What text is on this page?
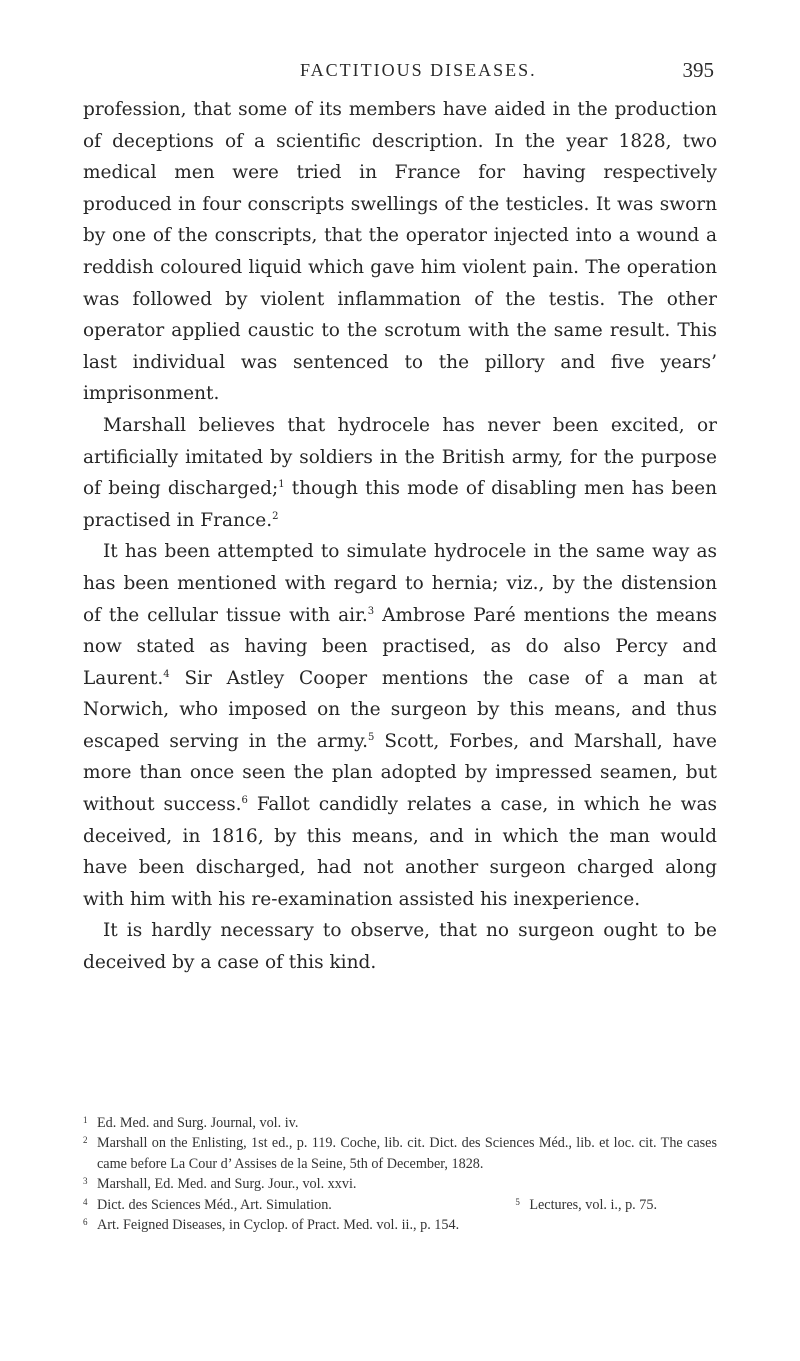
FACTITIOUS DISEASES.	395

profession, that some of its members have aided in the production of deceptions of a scientific description. In the year 1828, two medical men were tried in France for having respectively produced in four conscripts swellings of the testicles. It was sworn by one of the conscripts, that the operator injected into a wound a reddish coloured liquid which gave him violent pain. The operation was followed by violent inflammation of the testis. The other operator applied caustic to the scrotum with the same result. This last individual was sentenced to the pillory and five years’ imprisonment.

Marshall believes that hydrocele has never been excited, or artificially imitated by soldiers in the British army, for the purpose of being discharged;$^1$ though this mode of disabling men has been practised in France.$^2$

It has been attempted to simulate hydrocele in the same way as has been mentioned with regard to hernia; viz., by the distension of the cellular tissue with air.$^3$ Ambrose Paré mentions the means now stated as having been practised, as do also Percy and Laurent.$^4$ Sir Astley Cooper mentions the case of a man at Norwich, who imposed on the surgeon by this means, and thus escaped serving in the army.$^5$ Scott, Forbes, and Marshall, have more than once seen the plan adopted by impressed seamen, but without success.$^6$ Fallot candidly relates a case, in which he was deceived, in 1816, by this means, and in which the man would have been discharged, had not another surgeon charged along with him with his re-examination assisted his inexperience.

It is hardly necessary to observe, that no surgeon ought to be deceived by a case of this kind.

1 Ed. Med. and Surg. Journal, vol. iv.

2 Marshall on the Enlisting, 1st ed., p. 119. Coche, lib. cit. Dict. des Sciences Méd., lib. et loc. cit. The cases came before La Cour d’ Assises de la Seine, 5th of December, 1828.

3 Marshall, Ed. Med. and Surg. Jour., vol. xxvi.

4 Dict. des Sciences Méd., Art. Simulation.	5 Lectures, vol. i., p. 75.

6 Art. Feigned Diseases, in Cyclop. of Pract. Med. vol. ii., p. 154.
